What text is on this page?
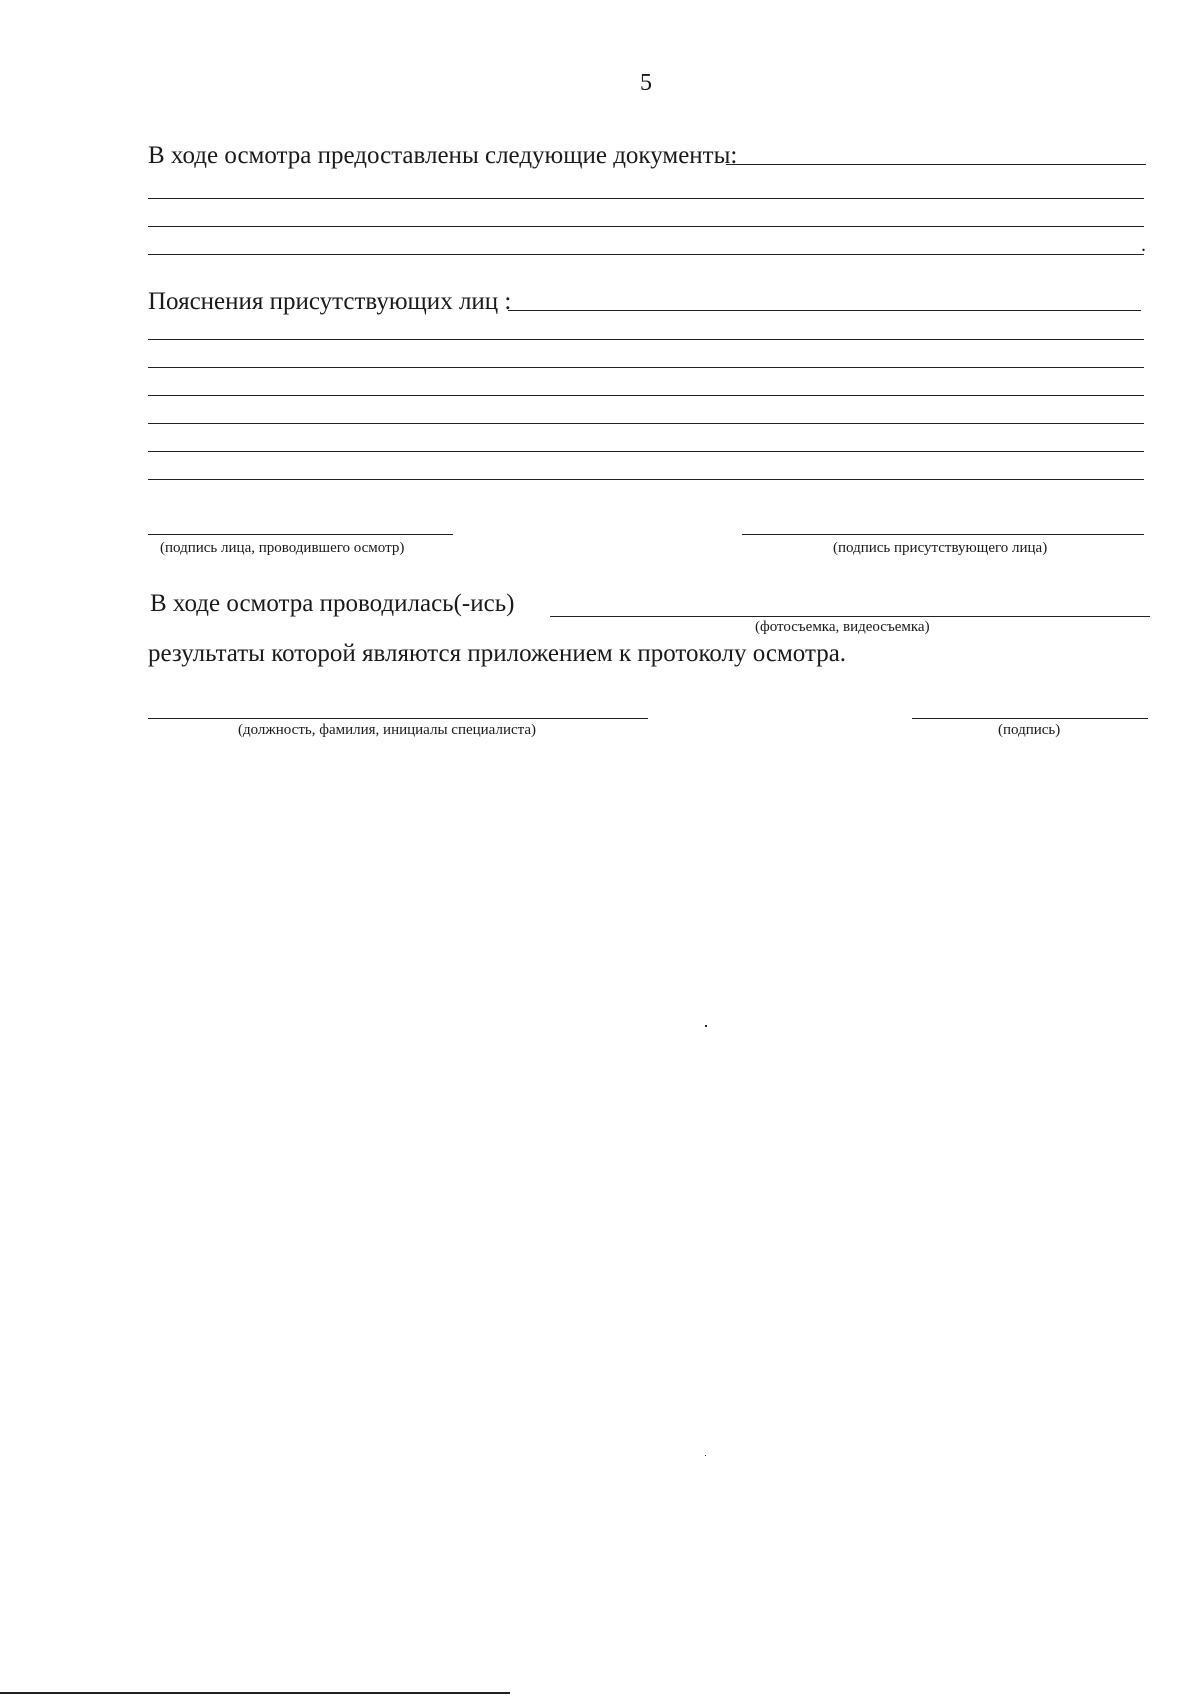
5
В ходе осмотра предоставлены следующие документы:
.
Пояснения присутствующих лиц :
(подпись лица, проводившего осмотр)	(подпись присутствующего лица)
В ходе осмотра проводилась(-ись)
(фотосъемка, видеосъемка)
результаты которой являются приложением к протоколу осмотра.
(должность, фамилия, инициалы специалиста)	(подпись)
